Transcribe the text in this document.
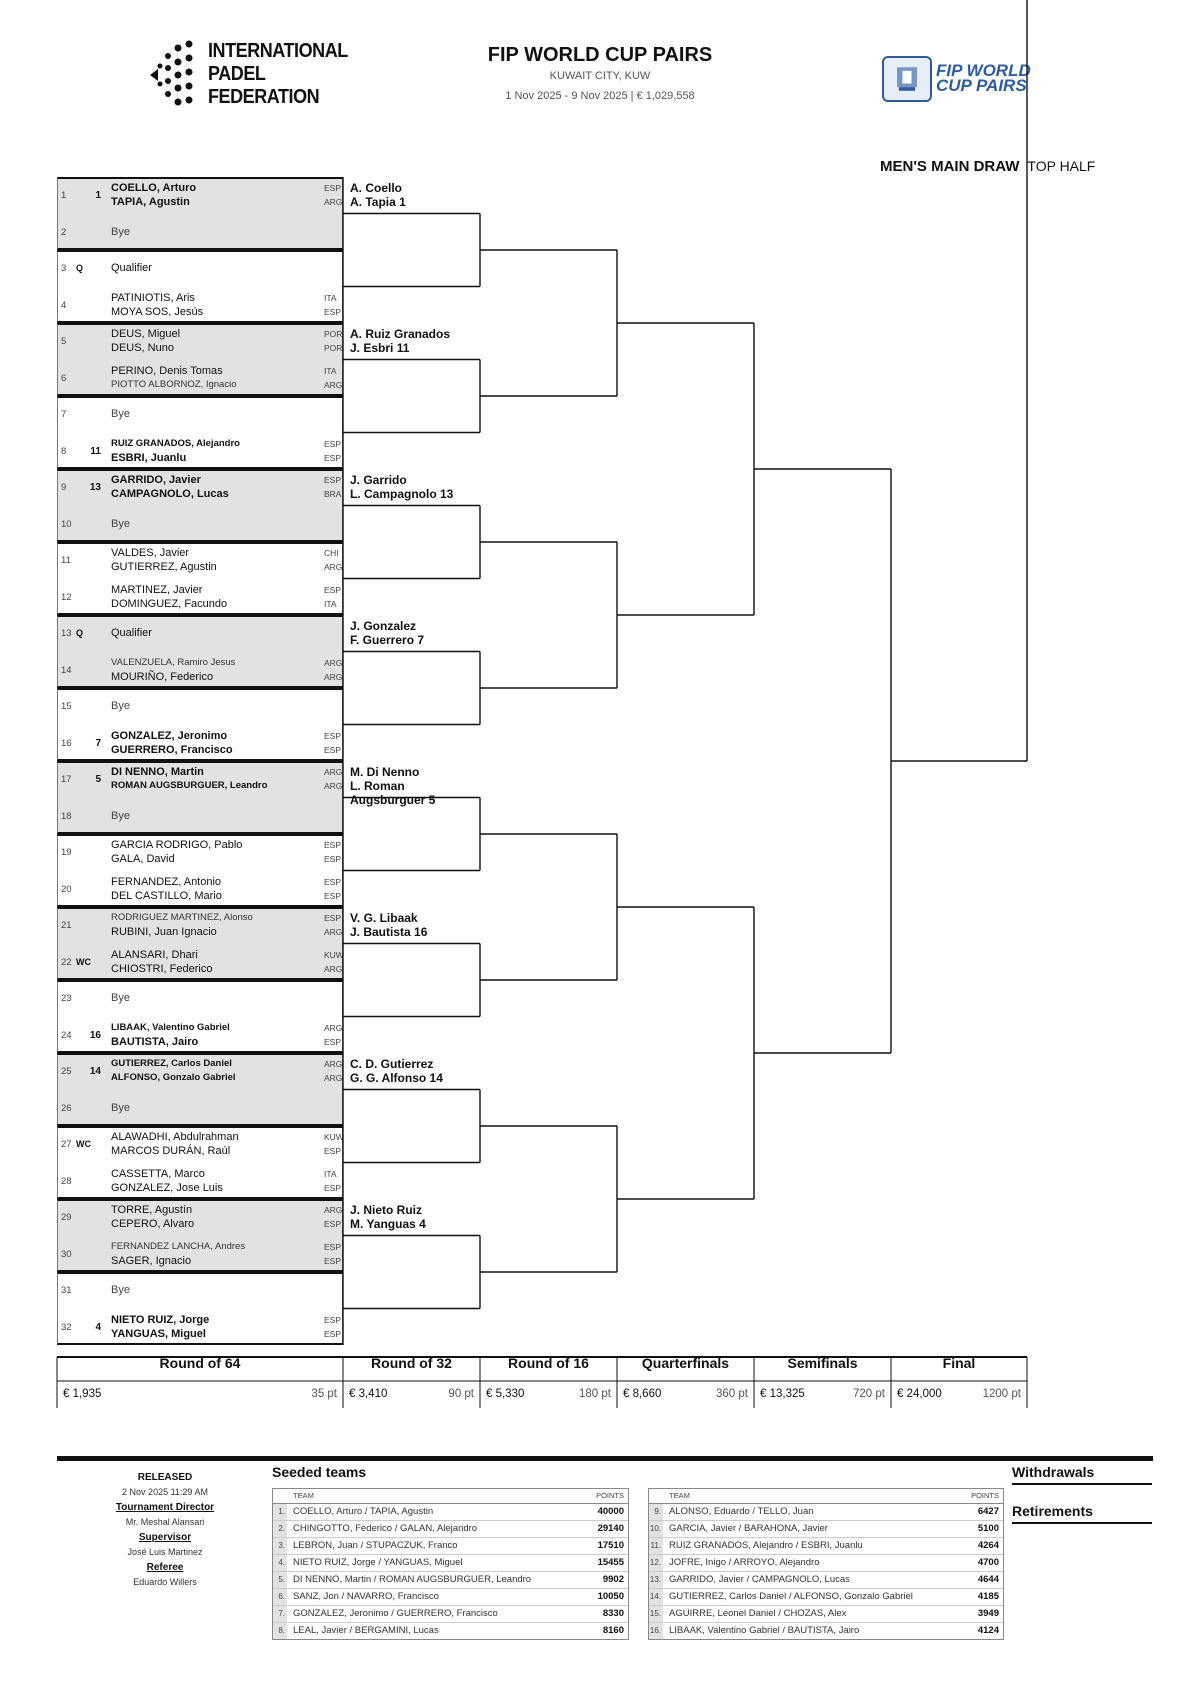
INTERNATIONAL
PADEL
FEDERATION
FIP WORLD CUP PAIRS
KUWAIT CITY, KUW
1 Nov 2025 - 9 Nov 2025 | € 1,029,558
FIP WORLD
CUP PAIRS
MEN'S MAIN DRAW TOP HALF
1	1
COELLO, Arturo
TAPIA, Agustin
ESP
ARG
2	Bye
3 Q	Qualifier
4
PATINIOTIS, Aris
MOYA SOS, Jesús
ITA
ESP
5
DEUS, Miguel
DEUS, Nuno
POR
POR
6
PERINO, Denis Tomas
PIOTTO ALBORNOZ, Ignacio
ITA
ARG
7	Bye
8 11
RUIZ GRANADOS, Alejandro
ESBRI, Juanlu
ESP
ESP
9 13
GARRIDO, Javier
CAMPAGNOLO, Lucas
ESP
BRA
10	Bye
11
VALDES, Javier
GUTIERREZ, Agustin
CHI
ARG
12
MARTINEZ, Javier
DOMINGUEZ, Facundo
ESP
ITA
13 Q	Qualifier
14
VALENZUELA, Ramiro Jesus
MOURIÑO, Federico
ARG
ARG
15	Bye
16	7
GONZALEZ, Jeronimo
GUERRERO, Francisco
ESP
ESP
17	5
DI NENNO, Martin
ROMAN AUGSBURGUER, Leandro
ARG
ARG
18	Bye
19
GARCIA RODRIGO, Pablo
GALA, David
ESP
ESP
20
FERNANDEZ, Antonio
DEL CASTILLO, Mario
ESP
ESP
21
RODRIGUEZ MARTINEZ, Alonso
RUBINI, Juan Ignacio
ESP
ARG
22 WC
ALANSARI, Dhari
CHIOSTRI, Federico
KUW
ARG
23	Bye
24 16
LIBAAK, Valentino Gabriel
BAUTISTA, Jairo
ARG
ESP
25 14
GUTIERREZ, Carlos Daniel
ALFONSO, Gonzalo Gabriel
ARG
ARG
26	Bye
27 WC
ALAWADHI, Abdulrahman
MARCOS DURÁN, Raúl
KUW
ESP
28
CASSETTA, Marco
GONZALEZ, Jose Luis
ITA
ESP
29
TORRE, Agustín
CEPERO, Alvaro
ARG
ESP
30
FERNANDEZ LANCHA, Andres
SAGER, Ignacio
ESP
ESP
31	Bye
32	4
NIETO RUIZ, Jorge
YANGUAS, Miguel
ESP
ESP
A. Coello
A. Tapia 1
A. Ruiz Granados
J. Esbri 11
J. Garrido
L. Campagnolo 13
J. Gonzalez
F. Guerrero 7
M. Di Nenno
L. Roman
Augsburguer 5
V. G. Libaak
J. Bautista 16
C. D. Gutierrez
G. G. Alfonso 14
J. Nieto Ruiz
M. Yanguas 4
Round of 64
€ 1,935	35 pt
Round of 32
€ 3,410	90 pt
Round of 16
€ 5,330	180 pt
Quarterfinals
€ 8,660	360 pt
Semifinals
€ 13,325	720 pt
Final
€ 24,000	1200 pt
RELEASED
2 Nov 2025 11:29 AM
Tournament Director
Mr. Meshal Alansari
Supervisor
José Luis Martinez
Referee
Eduardo Willers
Seeded teams
TEAM	POINTS
1. COELLO, Arturo / TAPIA, Agustin	40000
2. CHINGOTTO, Federico / GALAN, Alejandro	29140
3. LEBRON, Juan / STUPACZUK, Franco	17510
4. NIETO RUIZ, Jorge / YANGUAS, Miguel	15455
5. DI NENNO, Martin / ROMAN AUGSBURGUER, Leandro	9902
6. SANZ, Jon / NAVARRO, Francisco	10050
7. GONZALEZ, Jeronimo / GUERRERO, Francisco	8330
8. LEAL, Javier / BERGAMINI, Lucas	8160
TEAM	POINTS
9. ALONSO, Eduardo / TELLO, Juan	6427
10. GARCIA, Javier / BARAHONA, Javier	5100
11. RUIZ GRANADOS, Alejandro / ESBRI, Juanlu	4264
12. JOFRE, Inigo / ARROYO, Alejandro	4700
13. GARRIDO, Javier / CAMPAGNOLO, Lucas	4644
14. GUTIERREZ, Carlos Daniel / ALFONSO, Gonzalo Gabriel	4185
15. AGUIRRE, Leonel Daniel / CHOZAS, Alex	3949
16. LIBAAK, Valentino Gabriel / BAUTISTA, Jairo	4124
Withdrawals
Retirements
